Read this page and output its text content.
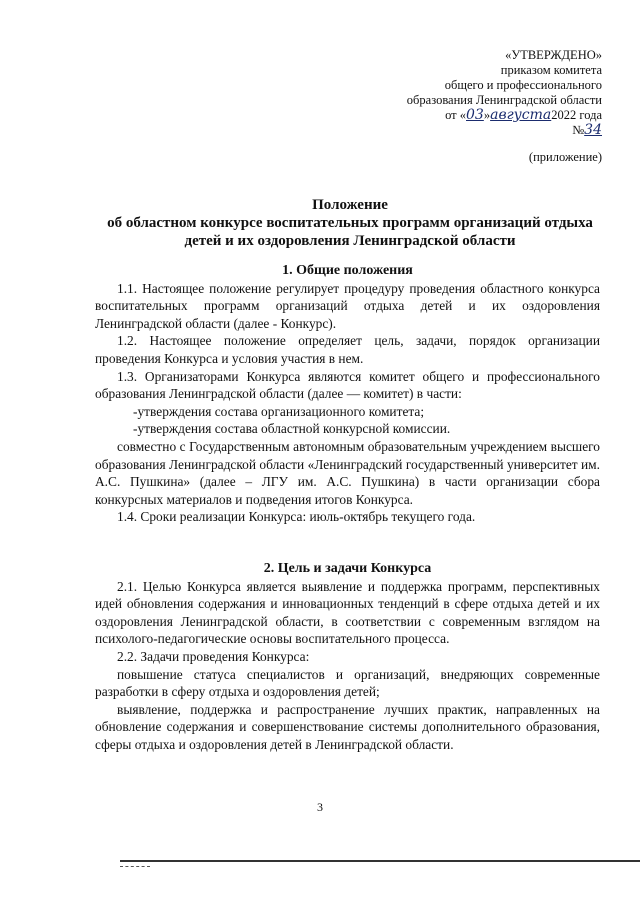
«УТВЕРЖДЕНО»
приказом комитета
общего и профессионального
образования Ленинградской области
от «03»августа2022 года
№34
(приложение)
Положение
об областном конкурсе воспитательных программ организаций отдыха
детей и их оздоровления Ленинградской области

1. Общие положения

1.1. Настоящее положение регулирует процедуру проведения областного конкурса воспитательных программ организаций отдыха детей и их оздоровления Ленинградской области (далее - Конкурс).

1.2. Настоящее положение определяет цель, задачи, порядок организации проведения Конкурса и условия участия в нем.

1.3. Организаторами Конкурса являются комитет общего и профессионального образования Ленинградской области (далее — комитет) в части:

-утверждения состава организационного комитета;

-утверждения состава областной конкурсной комиссии.

совместно с Государственным автономным образовательным учреждением высшего образования Ленинградской области «Ленинградский государственный университет им. А.С. Пушкина» (далее – ЛГУ им. А.С. Пушкина) в части организации сбора конкурсных материалов и подведения итогов Конкурса.

1.4. Сроки реализации Конкурса: июль-октябрь текущего года.

2. Цель и задачи Конкурса

2.1. Целью Конкурса является выявление и поддержка программ, перспективных идей обновления содержания и инновационных тенденций в сфере отдыха детей и их оздоровления Ленинградской области, в соответствии с современным взглядом на психолого-педагогические основы воспитательного процесса.

2.2. Задачи проведения Конкурса:

повышение статуса специалистов и организаций, внедряющих современные разработки в сферу отдыха и оздоровления детей;

выявление, поддержка и распространение лучших практик, направленных на обновление содержания и совершенствование системы дополнительного образования, сферы отдыха и оздоровления детей в Ленинградской области.

3
